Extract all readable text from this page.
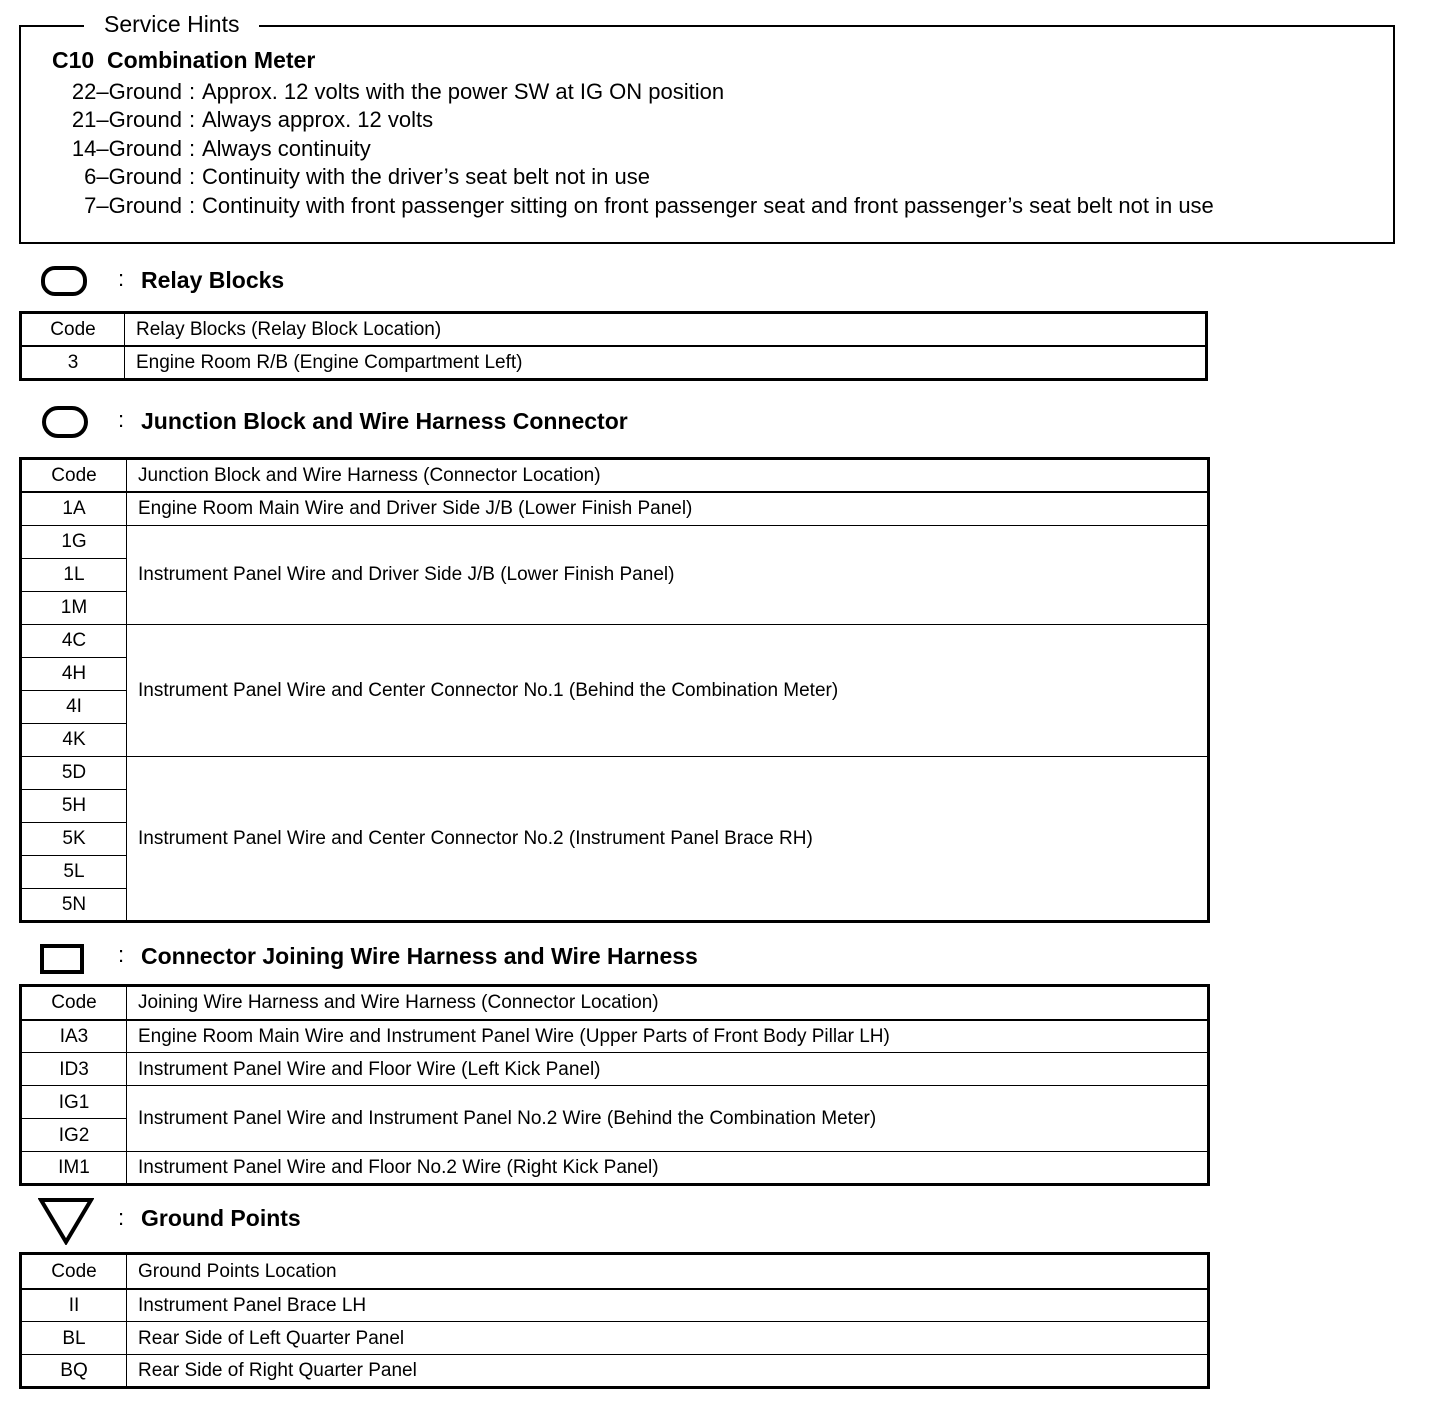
Service Hints
C10 Combination Meter
22–Ground : Approx. 12 volts with the power SW at IG ON position
21–Ground : Always approx. 12 volts
14–Ground : Always continuity
6–Ground : Continuity with the driver’s seat belt not in use
7–Ground : Continuity with front passenger sitting on front passenger seat and front passenger’s seat belt not in use
: Relay Blocks
Code	Relay Blocks (Relay Block Location)
3	Engine Room R/B (Engine Compartment Left)
: Junction Block and Wire Harness Connector
Code	Junction Block and Wire Harness (Connector Location)
1A	Engine Room Main Wire and Driver Side J/B (Lower Finish Panel)
1G	Instrument Panel Wire and Driver Side J/B (Lower Finish Panel)
1L	
1M	
4C	Instrument Panel Wire and Center Connector No.1 (Behind the Combination Meter)
4H	
4I	
4K	
5D	Instrument Panel Wire and Center Connector No.2 (Instrument Panel Brace RH)
5H	
5K	
5L	
5N	
: Connector Joining Wire Harness and Wire Harness
Code	Joining Wire Harness and Wire Harness (Connector Location)
IA3	Engine Room Main Wire and Instrument Panel Wire (Upper Parts of Front Body Pillar LH)
ID3	Instrument Panel Wire and Floor Wire (Left Kick Panel)
IG1	Instrument Panel Wire and Instrument Panel No.2 Wire (Behind the Combination Meter)
IG2	
IM1	Instrument Panel Wire and Floor No.2 Wire (Right Kick Panel)
: Ground Points
Code	Ground Points Location
II	Instrument Panel Brace LH
BL	Rear Side of Left Quarter Panel
BQ	Rear Side of Right Quarter Panel
